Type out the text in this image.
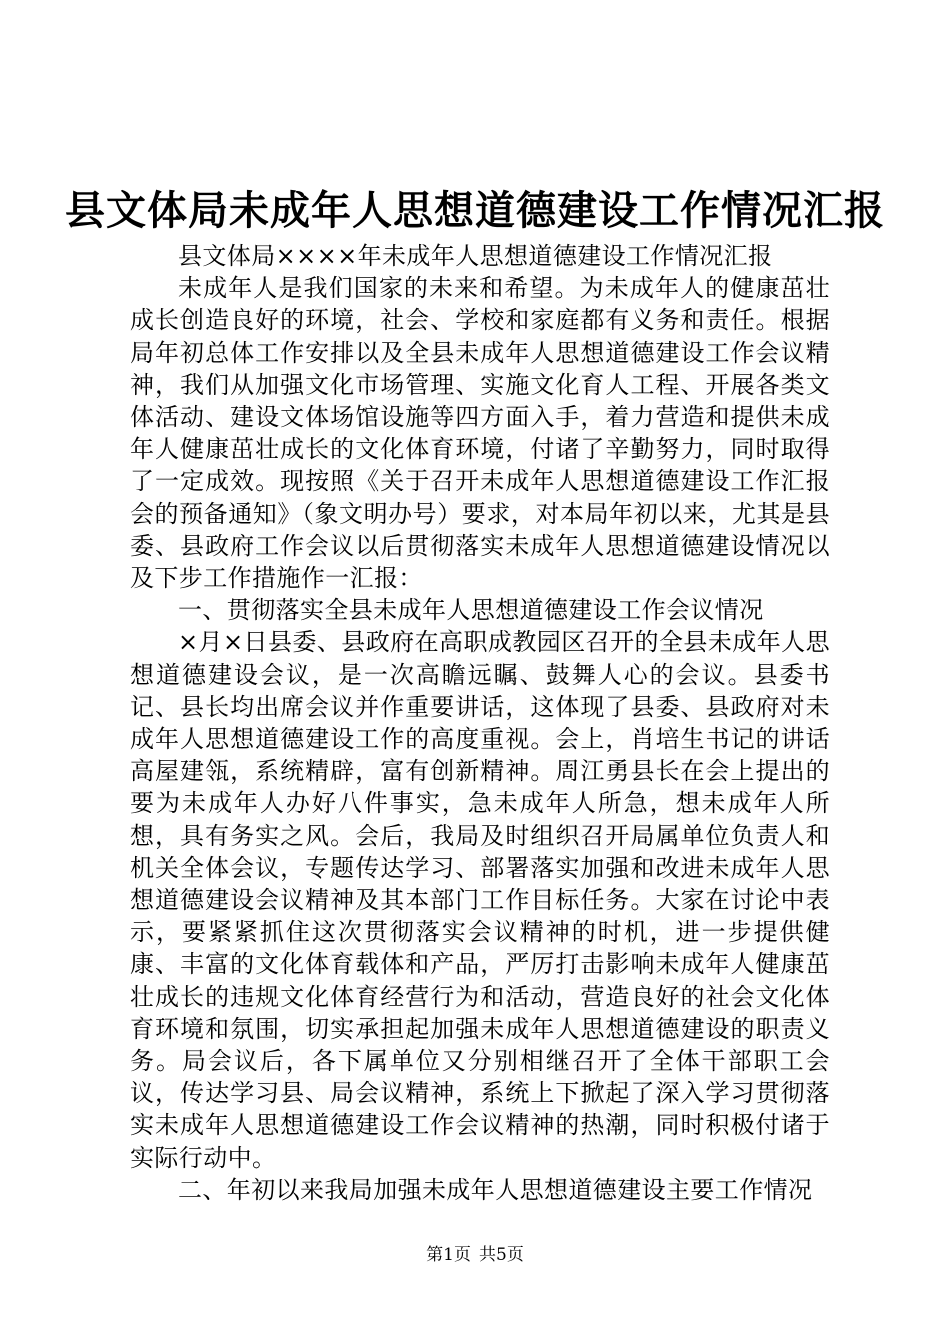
县文体局未成年人思想道德建设工作情况汇报

县文体局××××年未成年人思想道德建设工作情况汇报

未成年人是我们国家的未来和希望。为未成年人的健康茁壮成长创造良好的环境，社会、学校和家庭都有义务和责任。根据局年初总体工作安排以及全县未成年人思想道德建设工作会议精神，我们从加强文化市场管理、实施文化育人工程、开展各类文体活动、建设文体场馆设施等四方面入手，着力营造和提供未成年人健康茁壮成长的文化体育环境，付诸了辛勤努力，同时取得了一定成效。现按照《关于召开未成年人思想道德建设工作汇报会的预备通知》（象文明办号）要求，对本局年初以来，尤其是县委、县政府工作会议以后贯彻落实未成年人思想道德建设情况以及下步工作措施作一汇报：

一、贯彻落实全县未成年人思想道德建设工作会议情况

×月×日县委、县政府在高职成教园区召开的全县未成年人思想道德建设会议，是一次高瞻远瞩、鼓舞人心的会议。县委书记、县长均出席会议并作重要讲话，这体现了县委、县政府对未成年人思想道德建设工作的高度重视。会上，肖培生书记的讲话高屋建瓴，系统精辟，富有创新精神。周江勇县长在会上提出的要为未成年人办好八件事实，急未成年人所急，想未成年人所想，具有务实之风。会后，我局及时组织召开局属单位负责人和机关全体会议，专题传达学习、部署落实加强和改进未成年人思想道德建设会议精神及其本部门工作目标任务。大家在讨论中表示，要紧紧抓住这次贯彻落实会议精神的时机，进一步提供健康、丰富的文化体育载体和产品，严厉打击影响未成年人健康茁壮成长的违规文化体育经营行为和活动，营造良好的社会文化体育环境和氛围，切实承担起加强未成年人思想道德建设的职责义务。局会议后，各下属单位又分别相继召开了全体干部职工会议，传达学习县、局会议精神，系统上下掀起了深入学习贯彻落实未成年人思想道德建设工作会议精神的热潮，同时积极付诸于实际行动中。

二、年初以来我局加强未成年人思想道德建设主要工作情况

第1页 共5页
